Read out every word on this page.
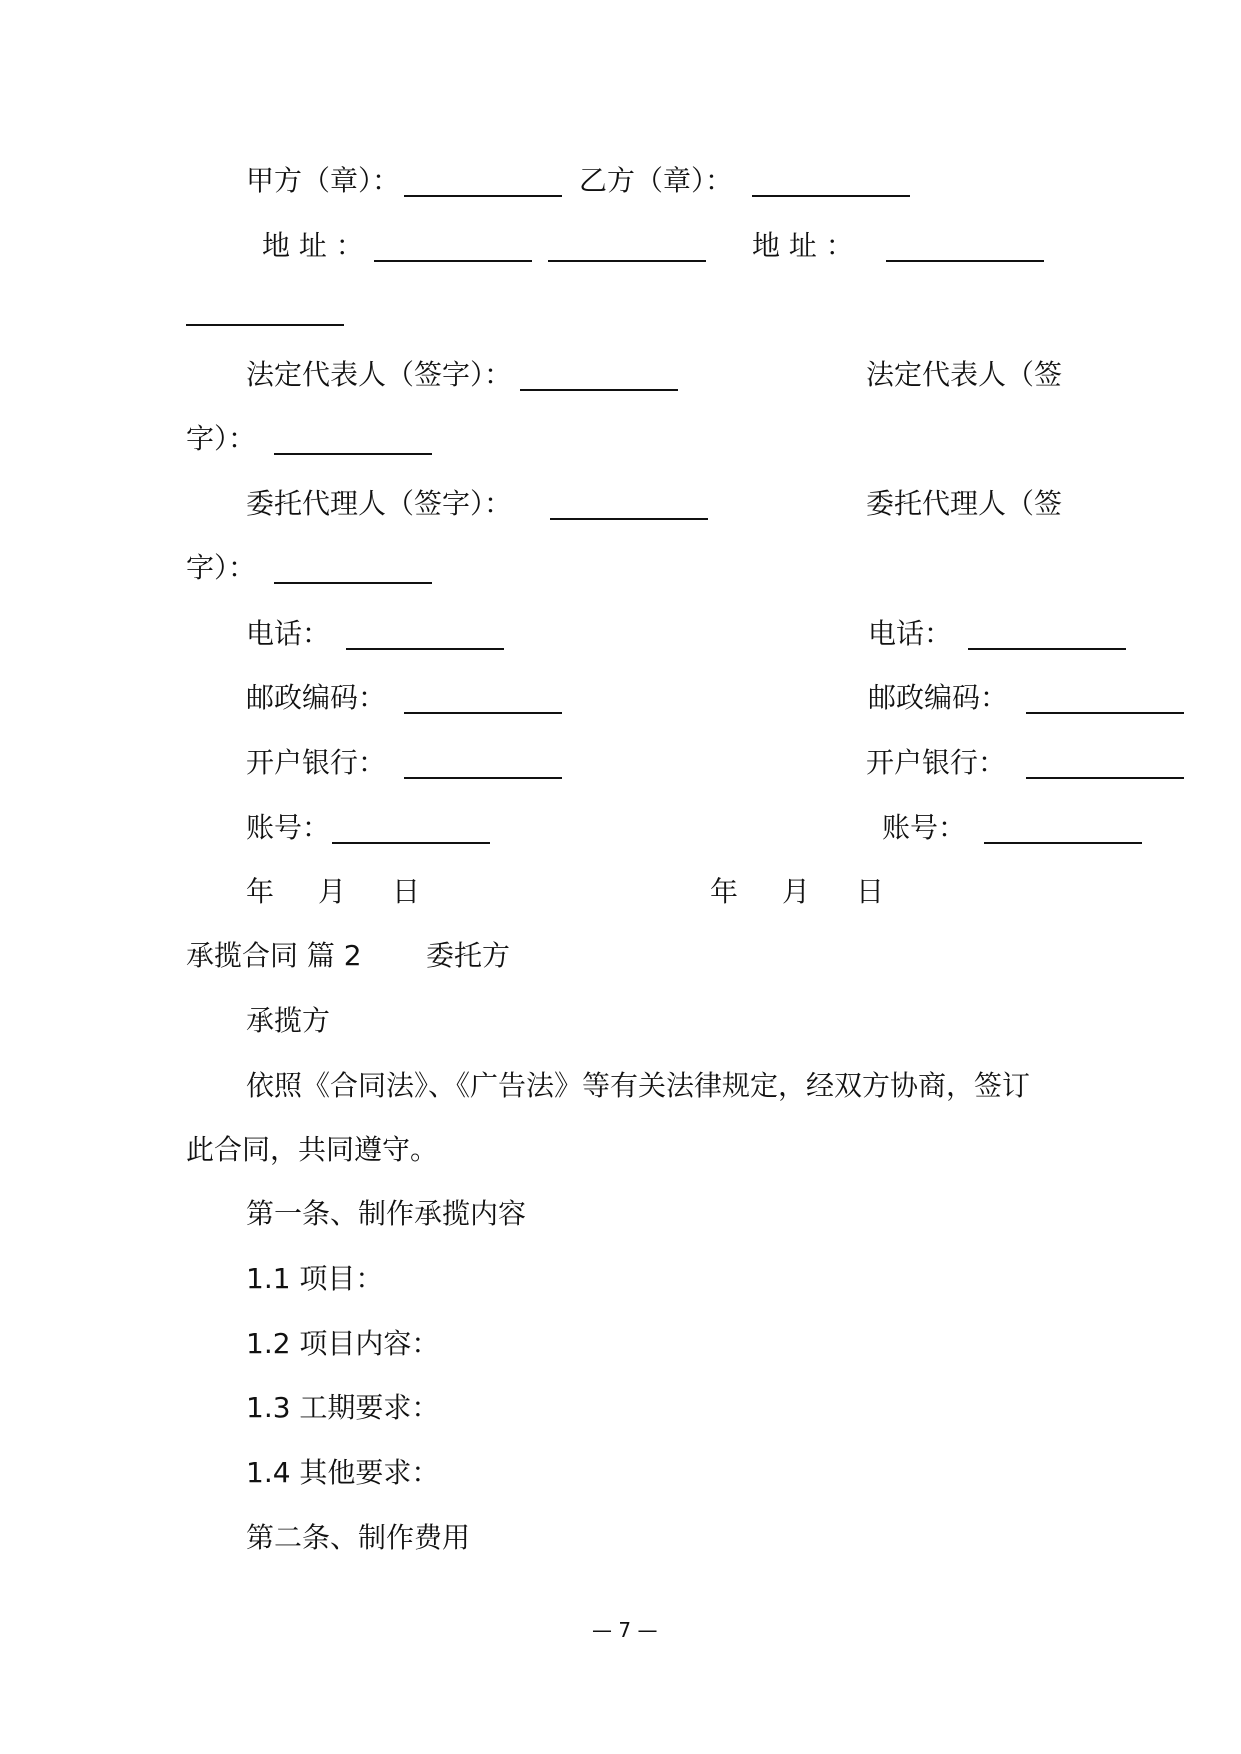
甲方（章）：	乙方（章）：
地 址 ：	地 址 ：
法定代表人（签字）：	法定代表人（签
字）：
委托代理人（签字）：	委托代理人（签
字）：
电话：	电话：
邮政编码：	邮政编码：
开户银行：	开户银行：
账号：	账号：
年 月 日	年 月 日
承揽合同 篇 2 委托方
承揽方
依照《合同法》、《广告法》等有关法律规定，经双方协商，签订
此合同，共同遵守。
第一条、制作承揽内容
1.1 项目：
1.2 项目内容：
1.3 工期要求：
1.4 其他要求：
第二条、制作费用
— 7 —
